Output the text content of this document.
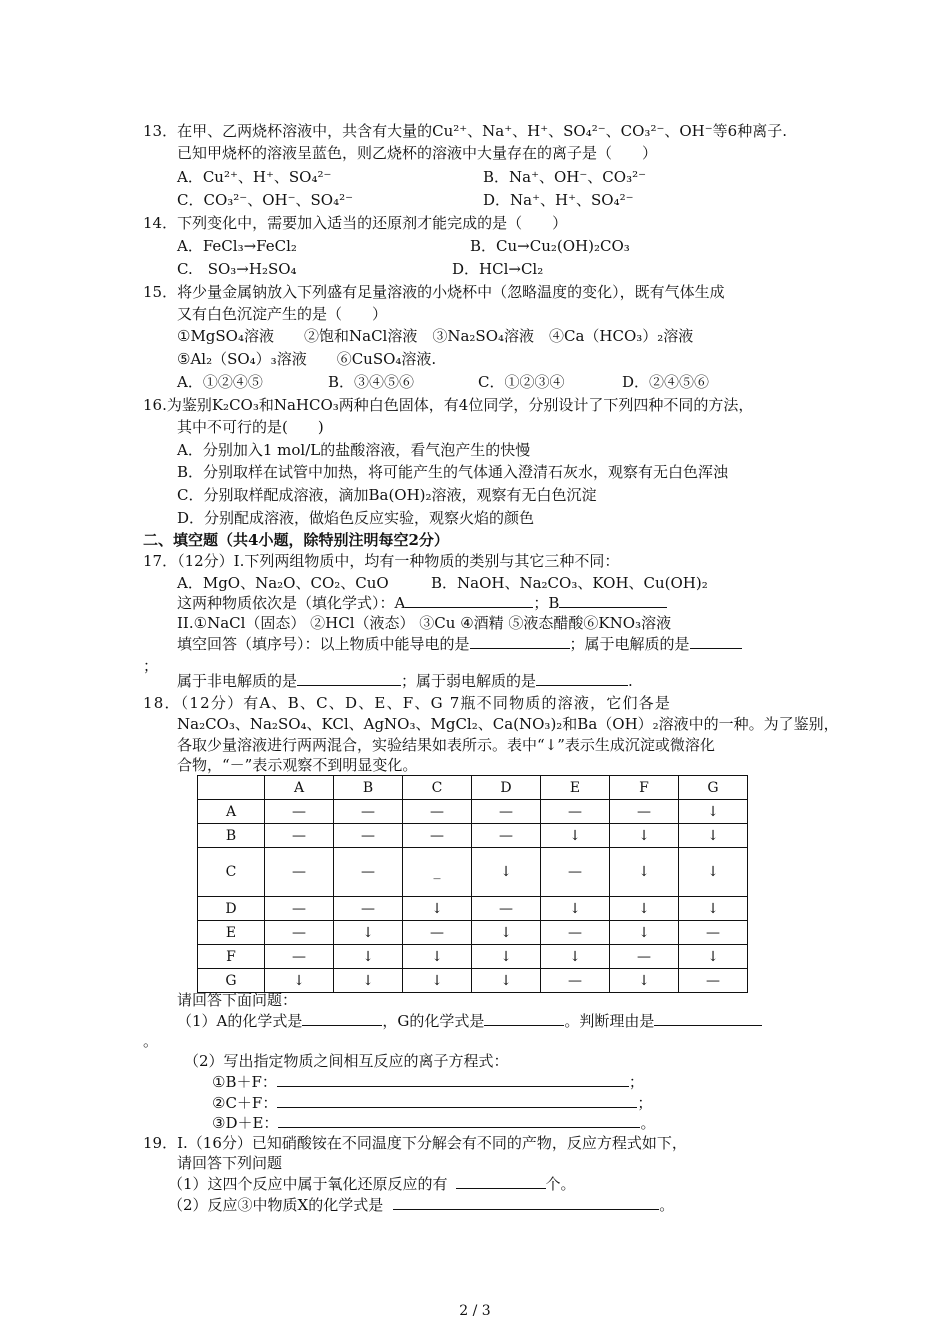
13．在甲、乙两烧杯溶液中，共含有大量的Cu²⁺、Na⁺、H⁺、SO₄²⁻、CO₃²⁻、OH⁻等6种离子.
已知甲烧杯的溶液呈蓝色，则乙烧杯的溶液中大量存在的离子是（　　）
A．Cu²⁺、H⁺、SO₄²⁻	B．Na⁺、OH⁻、CO₃²⁻
C．CO₃²⁻、OH⁻、SO₄²⁻	D．Na⁺、H⁺、SO₄²⁻
14．下列变化中，需要加入适当的还原剂才能完成的是（　　）
A．FeCl₃→FeCl₂	B．Cu→Cu₂(OH)₂CO₃
C.　SO₃→H₂SO₄	D．HCl→Cl₂
15．将少量金属钠放入下列盛有足量溶液的小烧杯中（忽略温度的变化），既有气体生成
又有白色沉淀产生的是（　　）
①MgSO₄溶液　　②饱和NaCl溶液　③Na₂SO₄溶液　④Ca（HCO₃）₂溶液
⑤Al₂（SO₄）₃溶液　　⑥CuSO₄溶液.
A．①②④⑤	B．③④⑤⑥	C．①②③④	D．②④⑤⑥
16.为鉴别K₂CO₃和NaHCO₃两种白色固体，有4位同学，分别设计了下列四种不同的方法，
其中不可行的是(　　)
A．分别加入1 mol/L的盐酸溶液，看气泡产生的快慢
B．分别取样在试管中加热，将可能产生的气体通入澄清石灰水，观察有无白色浑浊
C．分别取样配成溶液，滴加Ba(OH)₂溶液，观察有无白色沉淀
D．分别配成溶液，做焰色反应实验，观察火焰的颜色
二、填空题（共4小题，除特别注明每空2分）
17．（12分）I.下列两组物质中，均有一种物质的类别与其它三种不同：
A．MgO、Na₂O、CO₂、CuO	B．NaOH、Na₂CO₃、KOH、Cu(OH)₂
这两种物质依次是（填化学式）：A	；B
II.①NaCl（固态） ②HCl（液态） ③Cu ④酒精 ⑤液态醋酸⑥KNO₃溶液
填空回答（填序号）：以上物质中能导电的是	；属于电解质的是
；
属于非电解质的是	；属于弱电解质的是	.
18．（12分）有A、B、C、D、E、F、G 7瓶不同物质的溶液，它们各是
Na₂CO₃、Na₂SO₄、KCl、AgNO₃、MgCl₂、Ca(NO₃)₂和Ba（OH）₂溶液中的一种。为了鉴别，
各取少量溶液进行两两混合，实验结果如表所示。表中“↓”表示生成沉淀或微溶化
合物，“－”表示观察不到明显变化。
	A	B	C	D	E	F	G
A	—	—	—	—	—	—	↓
B	—	—	—	—	↓	↓	↓
C	—	—	_	↓	—	↓	↓
D	—	—	↓	—	↓	↓	↓
E	—	↓	—	↓	—	↓	—
F	—	↓	↓	↓	↓	—	↓
G	↓	↓	↓	↓	—	↓	—
请回答下面问题：
（1）A的化学式是	，G的化学式是	。判断理由是
。
（2）写出指定物质之间相互反应的离子方程式：
①B＋F：	；
②C＋F：	；
③D＋E：	。
19．I.（16分）已知硝酸铵在不同温度下分解会有不同的产物，反应方程式如下，
请回答下列问题
（1）这四个反应中属于氧化还原反应的有	个。
（2）反应③中物质X的化学式是	。
2 / 3
